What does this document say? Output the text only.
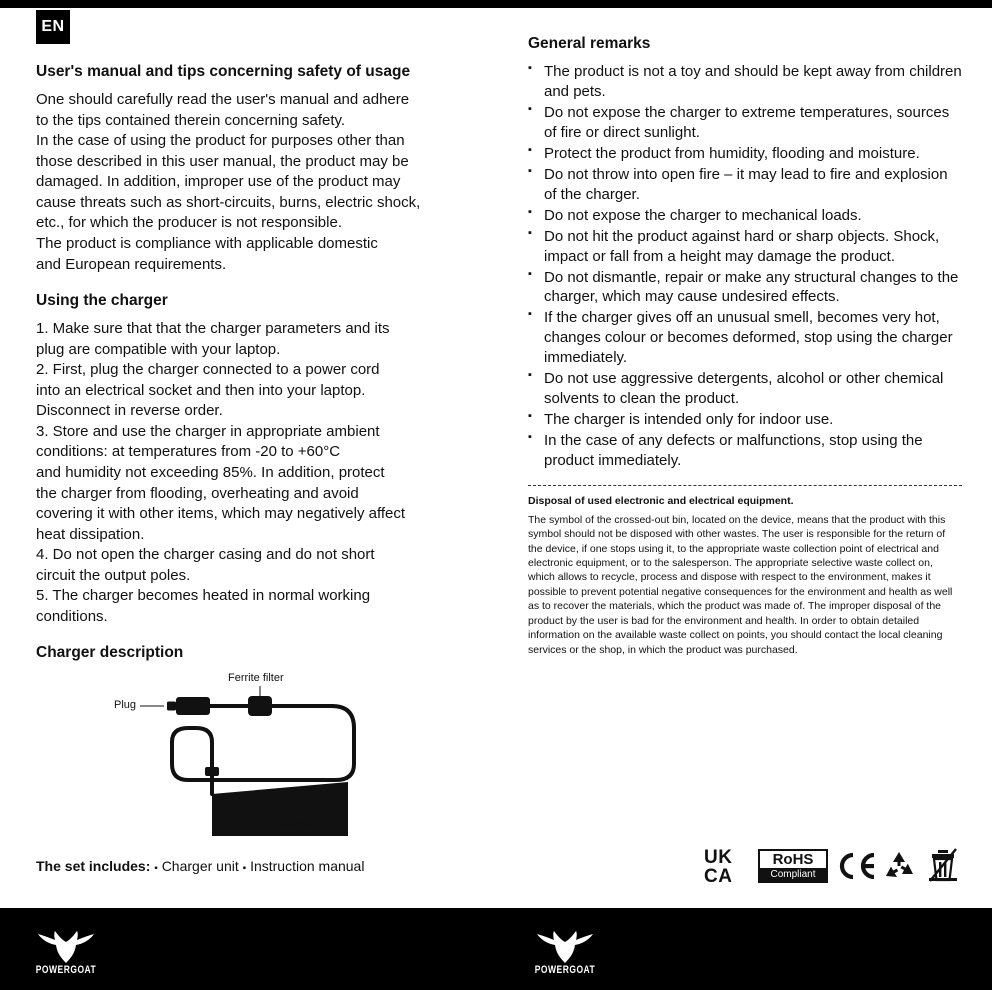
EN
User's manual and tips concerning safety of usage

One should carefully read the user's manual and adhere

to the tips contained therein concerning safety.

In the case of using the product for purposes other than

those described in this user manual, the product may be

damaged. In addition, improper use of the product may

cause threats such as short-circuits, burns, electric shock,

etc., for which the producer is not responsible.

The product is compliance with applicable domestic

and European requirements.

Using the charger

1. Make sure that that the charger parameters and its

plug are compatible with your laptop.

2. First, plug the charger connected to a power cord

into an electrical socket and then into your laptop.

Disconnect in reverse order.

3. Store and use the charger in appropriate ambient

conditions: at temperatures from -20 to +60°C

and humidity not exceeding 85%. In addition, protect

the charger from flooding, overheating and avoid

covering it with other items, which may negatively affect

heat dissipation.

4. Do not open the charger casing and do not short

circuit the output poles.

5. The charger becomes heated in normal working

conditions.

Charger description
Ferrite filter
Plug
Charger
The set includes: ▪ Charger unit ▪ Instruction manual
General remarks
▪ The product is not a toy and should be kept away from children and pets.
▪ Do not expose the charger to extreme temperatures, sources of fire or direct sunlight.
▪ Protect the product from humidity, flooding and moisture.
▪ Do not throw into open fire – it may lead to fire and explosion of the charger.
▪ Do not expose the charger to mechanical loads.
▪ Do not hit the product against hard or sharp objects. Shock, impact or fall from a height may damage the product.
▪ Do not dismantle, repair or make any structural changes to the charger, which may cause undesired effects.
▪ If the charger gives off an unusual smell, becomes very hot, changes colour or becomes deformed, stop using the charger immediately.
▪ Do not use aggressive detergents, alcohol or other chemical solvents to clean the product.
▪ The charger is intended only for indoor use.
▪ In the case of any defects or malfunctions, stop using the product immediately.
Disposal of used electronic and electrical equipment.

The symbol of the crossed-out bin, located on the device, means that the product with this symbol should not be disposed with other wastes. The user is responsible for the return of the device, if one stops using it, to the appropriate waste collection point of electrical and electronic equipment, or to the salesperson. The appropriate selective waste collect on, which allows to recycle, process and dispose with respect to the environment, makes it possible to prevent potential negative consequences for the environment and health as well as to recover the materials, which the product was made of. The improper disposal of the product by the user is bad for the environment and health. In order to obtain detailed information on the available waste collect on points, you should contact the local cleaning services or the shop, in which the product was purchased.

UK
CA
RoHS
Compliant
POWERGOAT	POWERGOAT
